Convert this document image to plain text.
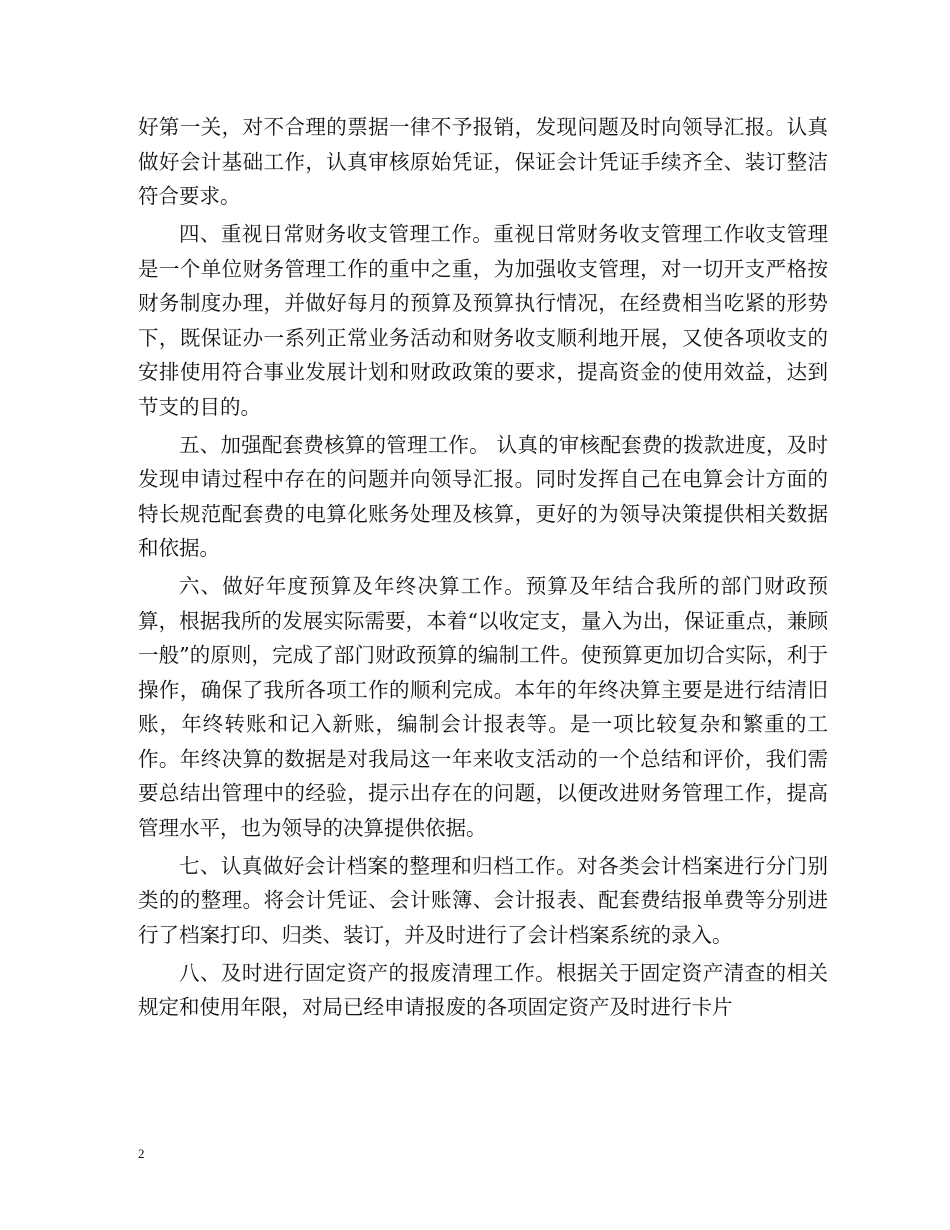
好第一关，对不合理的票据一律不予报销，发现问题及时向领导汇报。认真做好会计基础工作，认真审核原始凭证，保证会计凭证手续齐全、装订整洁符合要求。

四、重视日常财务收支管理工作。重视日常财务收支管理工作收支管理是一个单位财务管理工作的重中之重，为加强收支管理，对一切开支严格按财务制度办理，并做好每月的预算及预算执行情况，在经费相当吃紧的形势下，既保证办一系列正常业务活动和财务收支顺利地开展，又使各项收支的安排使用符合事业发展计划和财政政策的要求，提高资金的使用效益，达到节支的目的。

五、加强配套费核算的管理工作。 认真的审核配套费的拨款进度，及时发现申请过程中存在的问题并向领导汇报。同时发挥自己在电算会计方面的特长规范配套费的电算化账务处理及核算，更好的为领导决策提供相关数据和依据。

六、做好年度预算及年终决算工作。预算及年结合我所的部门财政预算，根据我所的发展实际需要，本着“以收定支，量入为出，保证重点，兼顾一般”的原则，完成了部门财政预算的编制工件。使预算更加切合实际，利于操作，确保了我所各项工作的顺利完成。本年的年终决算主要是进行结清旧账，年终转账和记入新账，编制会计报表等。是一项比较复杂和繁重的工作。年终决算的数据是对我局这一年来收支活动的一个总结和评价，我们需要总结出管理中的经验，提示出存在的问题，以便改进财务管理工作，提高管理水平，也为领导的决算提供依据。

七、认真做好会计档案的整理和归档工作。对各类会计档案进行分门别类的的整理。将会计凭证、会计账簿、会计报表、配套费结报单费等分别进行了档案打印、归类、装订，并及时进行了会计档案系统的录入。

八、及时进行固定资产的报废清理工作。根据关于固定资产清查的相关规定和使用年限，对局已经申请报废的各项固定资产及时进行卡片

2
